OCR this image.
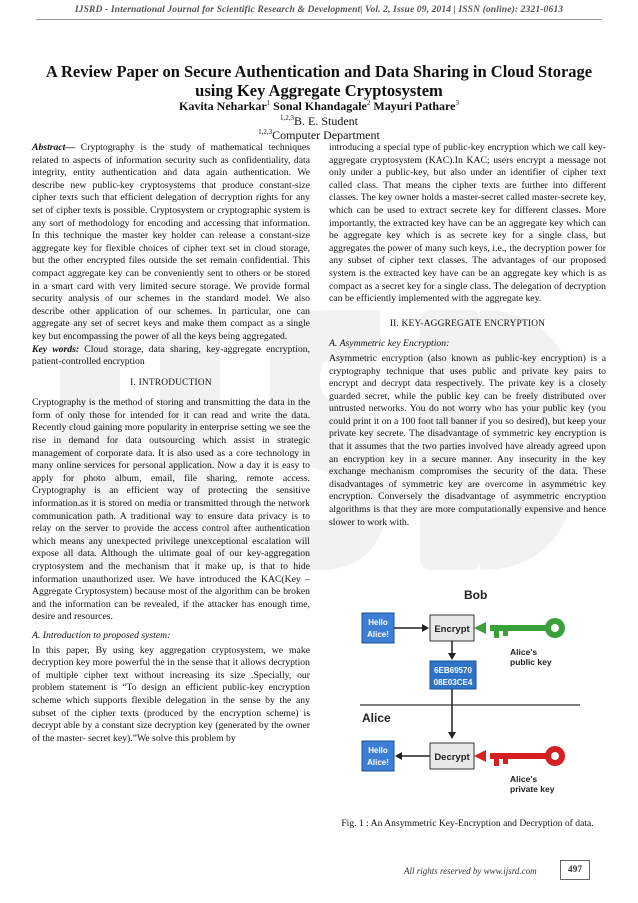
IJSRD - International Journal for Scientific Research & Development| Vol. 2, Issue 09, 2014 | ISSN (online): 2321-0613
A Review Paper on Secure Authentication and Data Sharing in Cloud Storage using Key Aggregate Cryptosystem
Kavita Neharkar$^1$ Sonal Khandagale$^2$ Mayuri Pathare$^3$
$^{1,2,3}$B. E. Student
$^{1,2,3}$Computer Department

Abstract— Cryptography is the study of mathematical techniques related to aspects of information security such as confidentiality, data integrity, entity authentication and data again authentication. We describe new public-key cryptosystems that produce constant-size cipher texts such that efficient delegation of decryption rights for any set of cipher texts is possible. Cryptosystem or cryptographic system is any sort of methodology for encoding and accessing that information. In this technique the master key holder can release a constant-size aggregate key for flexible choices of cipher text set in cloud storage, but the other encrypted files outside the set remain confidential. This compact aggregate key can be conveniently sent to others or be stored in a smart card with very limited secure storage. We provide formal security analysis of our schemes in the standard model. We also describe other application of our schemes. In particular, one can aggregate any set of secret keys and make them compact as a single key but encompassing the power of all the keys being aggregated.

Key words: Cloud storage, data sharing, key-aggregate encryption, patient-controlled encryption

I. INTRODUCTION

Cryptography is the method of storing and transmitting the data in the form of only those for intended for it can read and write the data. Recently cloud gaining more popularity in enterprise setting we see the rise in demand for data outsourcing which assist in strategic management of corporate data. It is also used as a core technology in many online services for personal application. Now a day it is easy to apply for photo album, email, file sharing, remote access. Cryptography is an efficient way of protecting the sensitive information.as it is stored on media or transmitted through the network communication path. A traditional way to ensure data privacy is to relay on the server to provide the access control after authentication which means any unexpected privilege unexceptional escalation will expose all data. Although the ultimate goal of our key-aggregation cryptosystem and the mechanism that it make up, is that to hide information unauthorized user. We have introduced the KAC(Key –Aggregate Cryptosystem) because most of the algorithm can be broken and the information can be revealed, if the attacker has enough time, desire and resources.

A. Introduction to proposed system:

In this paper, By using key aggregation cryptosystem, we make decryption key more powerful the in the sense that it allows decryption of multiple cipher text without increasing its size .Specially, our problem statement is “To design an efficient public-key encryption scheme which supports flexible delegation in the sense by the any subset of the cipher texts (produced by the encryption scheme) is decrypt able by a constant size decryption key (generated by the owner of the master- secret key).”We solve this problem by

introducing a special type of public-key encryption which we call key- aggregate cryptosystem (KAC).In KAC; users encrypt a message not only under a public-key, but also under an identifier of cipher text called class. That means the cipher texts are further into different classes. The key owner holds a master-secret called master-secrete key, which can be used to extract secrete key for different classes. More importantly, the extracted key have can be an aggregate key which can be aggregate key which is as secrete key for a single class, but aggregates the power of many such keys, i.e., the decryption power for any subset of cipher text classes. The advantages of our proposed system is the extracted key have can be an aggregate key which is as compact as a secret key for a single class. The delegation of decryption can be efficiently implemented with the aggregate key.

II. KEY-AGGREGATE ENCRYPTION
A. Asymmetric key Encryption:

Asymmetric encryption (also known as public-key encryption) is a cryptography technique that uses public and private key pairs to encrypt and decrypt data respectively. The private key is a closely guarded secret, while the public key can be freely distributed over untrusted networks. You do not worry who has your public key (you could print it on a 100 foot tall banner if you so desired), but keep your private key secrete. The disadvantage of symmetric key encryption is that it assumes that the two parties involved have already agreed upon an encryption key in a secure manner. Any insecurity in the key exchange mechanism compromises the security of the data. These disadvantages of symmetric key are overcome in asymmetric key encryption. Conversely the disadvantage of asymmetric encryption algorithms is that they are more computationally expensive and hence slower to work with.

Bob
Hello
Alice!	Encrypt
Alice's
public key
6EB69570
08E03CE4
Alice
Hello
Alice!	Decrypt
Alice's
private key
Fig. 1 : An Ansymmetric Key-Encryption and Decryption of data.
All rights reserved by www.ijsrd.com	497
